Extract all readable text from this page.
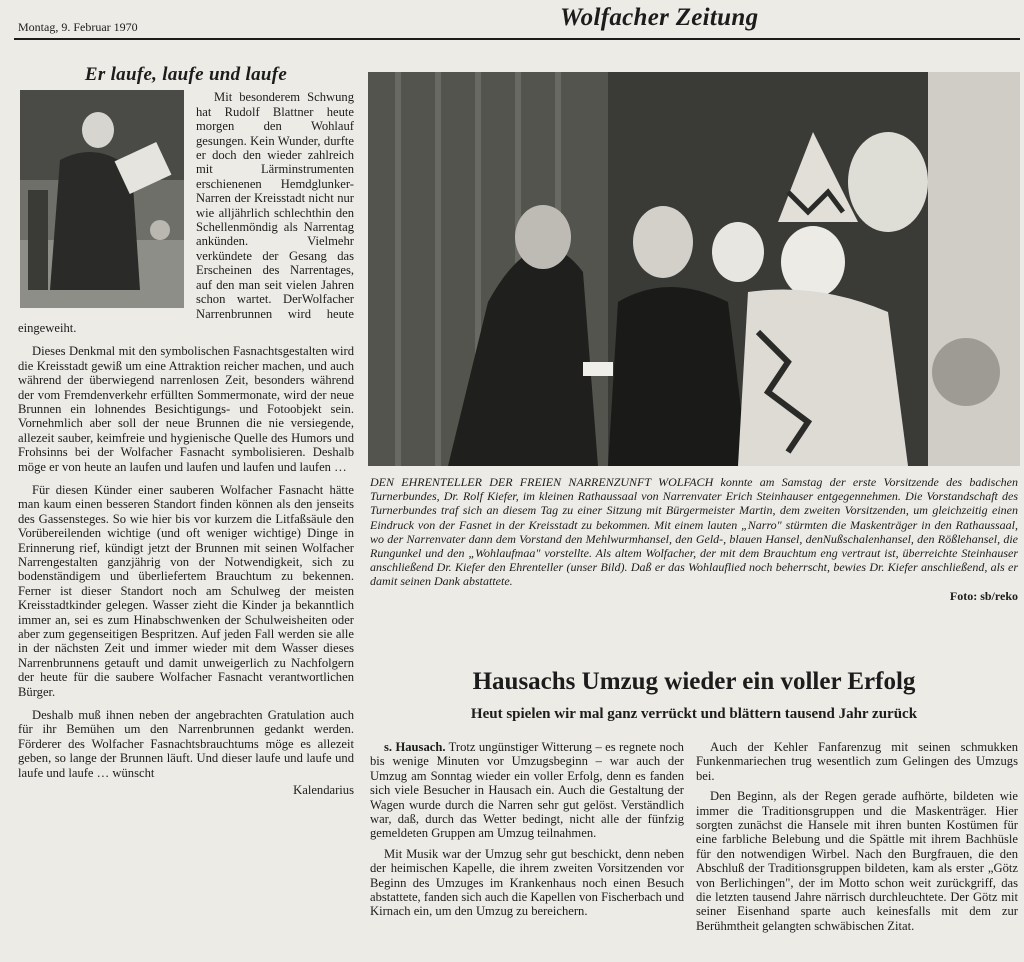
Montag, 9. Februar 1970	Wolfacher Zeitung
Er laufe, laufe und laufe

Mit besonderem Schwung hat Rudolf Blattner heute morgen den Wohlauf gesungen. Kein Wunder, durfte er doch den wieder zahlreich mit Lärminstrumenten erschienenen Hemdglunker-Narren der Kreisstadt nicht nur wie alljährlich schlechthin den Schellenmöndig als Narrentag ankünden. Vielmehr verkündete der Gesang das Erscheinen des Narrentages, auf den man seit vielen Jahren schon wartet. DerWolfacher Narrenbrunnen wird heute eingeweiht.

Dieses Denkmal mit den symbolischen Fasnachtsgestalten wird die Kreisstadt gewiß um eine Attraktion reicher machen, und auch während der überwiegend narrenlosen Zeit, besonders während der vom Fremdenverkehr erfüllten Sommermonate, wird der neue Brunnen ein lohnendes Besichtigungs- und Fotoobjekt sein. Vornehmlich aber soll der neue Brunnen die nie versiegende, allezeit sauber, keimfreie und hygienische Quelle des Humors und Frohsinns bei der Wolfacher Fasnacht symbolisieren. Deshalb möge er von heute an laufen und laufen und laufen und laufen …

Für diesen Künder einer sauberen Wolfacher Fasnacht hätte man kaum einen besseren Standort finden können als den jenseits des Gassensteges. So wie hier bis vor kurzem die Litfaßsäule den Vorübereilenden wichtige (und oft weniger wichtige) Dinge in Erinnerung rief, kündigt jetzt der Brunnen mit seinen Wolfacher Narrengestalten ganzjährig von der Notwendigkeit, sich zu bodenständigem und überliefertem Brauchtum zu bekennen. Ferner ist dieser Standort noch am Schulweg der meisten Kreisstadtkinder gelegen. Wasser zieht die Kinder ja bekanntlich immer an, sei es zum Hinabschwenken der Schulweisheiten oder aber zum gegenseitigen Bespritzen. Auf jeden Fall werden sie alle in der nächsten Zeit und immer wieder mit dem Wasser dieses Narrenbrunnens getauft und damit unweigerlich zu Nachfolgern der heute für die saubere Wolfacher Fasnacht verantwortlichen Bürger.

Deshalb muß ihnen neben der angebrachten Gratulation auch für ihr Bemühen um den Narrenbrunnen gedankt werden. Förderer des Wolfacher Fasnachtsbrauchtums möge es allezeit geben, so lange der Brunnen läuft. Und dieser laufe und laufe und laufe und laufe … wünscht

Kalendarius
DEN EHRENTELLER DER FREIEN NARRENZUNFT WOLFACH konnte am Samstag der erste Vorsitzende des badischen Turnerbundes, Dr. Rolf Kiefer, im kleinen Rathaussaal von Narrenvater Erich Steinhauser entgegennehmen. Die Vorstandschaft des Turnerbundes traf sich an diesem Tag zu einer Sitzung mit Bürgermeister Martin, dem zweiten Vorsitzenden, um gleichzeitig einen Eindruck von der Fasnet in der Kreisstadt zu bekommen. Mit einem lauten „Narro" stürmten die Maskenträger in den Rathaussaal, wo der Narrenvater dann dem Vorstand den Mehlwurmhansel, den Geld-, blauen Hansel, denNußschalenhansel, den Rößlehansel, die Rungunkel und den „Wohlaufmaa" vorstellte. Als altem Wolfacher, der mit dem Brauchtum eng vertraut ist, überreichte Steinhauser anschließend Dr. Kiefer den Ehrenteller (unser Bild). Daß er das Wohlauflied noch beherrscht, bewies Dr. Kiefer anschließend, als er damit seinen Dank abstattete.
Foto: sb/reko
Hausachs Umzug wieder ein voller Erfolg
Heut spielen wir mal ganz verrückt und blättern tausend Jahr zurück

s. Hausach. Trotz ungünstiger Witterung – es regnete noch bis wenige Minuten vor Umzugsbeginn – war auch der Umzug am Sonntag wieder ein voller Erfolg, denn es fanden sich viele Besucher in Hausach ein. Auch die Gestaltung der Wagen wurde durch die Narren sehr gut gelöst. Verständlich war, daß, durch das Wetter bedingt, nicht alle der fünfzig gemeldeten Gruppen am Umzug teilnahmen.

Mit Musik war der Umzug sehr gut beschickt, denn neben der heimischen Kapelle, die ihrem zweiten Vorsitzenden vor Beginn des Umzuges im Krankenhaus noch einen Besuch abstattete, fanden sich auch die Kapellen von Fischerbach und Kirnach ein, um den Umzug zu bereichern.

Auch der Kehler Fanfarenzug mit seinen schmukken Funkenmariechen trug wesentlich zum Gelingen des Umzugs bei.

Den Beginn, als der Regen gerade aufhörte, bildeten wie immer die Traditionsgruppen und die Maskenträger. Hier sorgten zunächst die Hansele mit ihren bunten Kostümen für eine farbliche Belebung und die Spättle mit ihrem Bachhüsle für den notwendigen Wirbel. Nach den Burgfrauen, die den Abschluß der Traditionsgruppen bildeten, kam als erster „Götz von Berlichingen", der im Motto schon weit zurückgriff, das die letzten tausend Jahre närrisch durchleuchtete. Der Götz mit seiner Eisenhand sparte auch keinesfalls mit dem zur Berühmtheit gelangten schwäbischen Zitat.
